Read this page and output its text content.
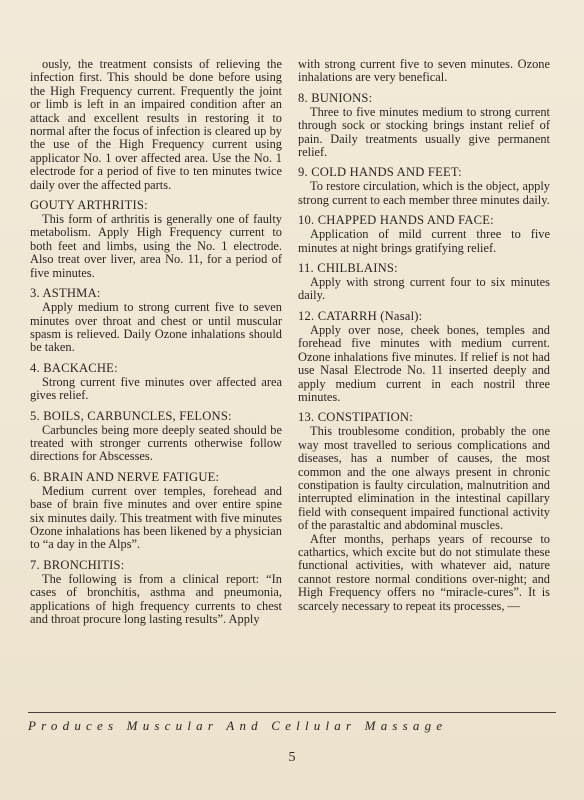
ously, the treatment consists of relieving the infection first. This should be done before using the High Frequency current. Frequently the joint or limb is left in an impaired condition after an attack and excellent results in restoring it to normal after the focus of infection is cleared up by the use of the High Frequency current using applicator No. 1 over affected area. Use the No. 1 electrode for a period of five to ten minutes twice daily over the affected parts.

GOUTY ARTHRITIS:

This form of arthritis is generally one of faulty metabolism. Apply High Frequency current to both feet and limbs, using the No. 1 electrode. Also treat over liver, area No. 11, for a period of five minutes.

3. ASTHMA:

Apply medium to strong current five to seven minutes over throat and chest or until muscular spasm is relieved. Daily Ozone inhalations should be taken.

4. BACKACHE:

Strong current five minutes over affected area gives relief.

5. BOILS, CARBUNCLES, FELONS:

Carbuncles being more deeply seated should be treated with stronger currents otherwise follow directions for Abscesses.

6. BRAIN AND NERVE FATIGUE:

Medium current over temples, forehead and base of brain five minutes and over entire spine six minutes daily. This treatment with five minutes Ozone inhalations has been likened by a physician to “a day in the Alps”.

7. BRONCHITIS:

The following is from a clinical report: “In cases of bronchitis, asthma and pneumonia, applications of high frequency currents to chest and throat procure long lasting results”. Apply

with strong current five to seven minutes. Ozone inhalations are very benefical.

8. BUNIONS:

Three to five minutes medium to strong current through sock or stocking brings instant relief of pain. Daily treatments usually give permanent relief.

9. COLD HANDS AND FEET:

To restore circulation, which is the object, apply strong current to each member three minutes daily.

10. CHAPPED HANDS AND FACE:

Application of mild current three to five minutes at night brings gratifying relief.

11. CHILBLAINS:

Apply with strong current four to six minutes daily.

12. CATARRH (Nasal):

Apply over nose, cheek bones, temples and forehead five minutes with medium current. Ozone inhalations five minutes. If relief is not had use Nasal Electrode No. 11 inserted deeply and apply medium current in each nostril three minutes.

13. CONSTIPATION:

This troublesome condition, probably the one way most travelled to serious complications and diseases, has a number of causes, the most common and the one always present in chronic constipation is faulty circulation, malnutrition and interrupted elimination in the intestinal capillary field with consequent impaired functional activity of the parastaltic and abdominal muscles.

After months, perhaps years of recourse to cathartics, which excite but do not stimulate these functional activities, with whatever aid, nature cannot restore normal conditions over-night; and High Frequency offers no “miracle-cures”. It is scarcely necessary to repeat its processes, —

Produces Muscular And Cellular Massage
5
